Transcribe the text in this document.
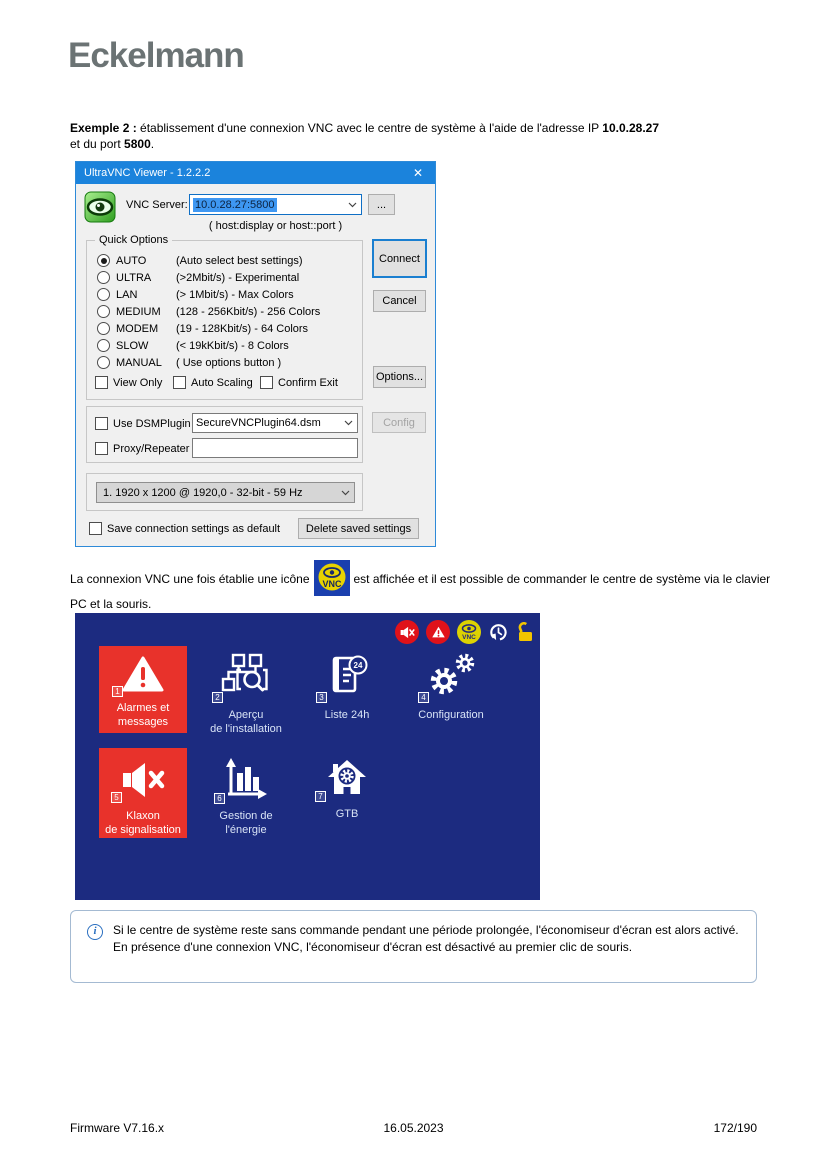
Eckelmann

Exemple 2 : établissement d'une connexion VNC avec le centre de système à l'aide de l'adresse IP 10.0.28.27
et du port 5800.

UltraVNC Viewer - 1.2.2.2	✕
VNC Server: 10.0.28.27:5800	...
( host:display or host::port )
Quick Options
AUTO	(Auto select best settings)
ULTRA	(>2Mbit/s) - Experimental
LAN	(> 1Mbit/s) - Max Colors
MEDIUM	(128 - 256Kbit/s) - 256 Colors
MODEM	(19 - 128Kbit/s) - 64 Colors
SLOW	(< 19kKbit/s) - 8 Colors
MANUAL	( Use options button )
View Only	Auto Scaling Confirm Exit
Connect
Cancel
Options...
Use DSMPlugin SecureVNCPlugin64.dsm
Proxy/Repeater
Config
1. 1920 x 1200 @ 1920,0 - 32-bit - 59 Hz
Save connection settings as default	Delete saved settings

La connexion VNC une fois établie une icône VNC est affichée et il est possible de commander le centre de système via le clavier PC et la souris.

VNC
1
Alarmes et
messages
2
Aperçu
de l'installation
24
3
Liste 24h
4
Configuration
5
Klaxon
de signalisation
6
Gestion de
l'énergie
7
GTB
i	Si le centre de système reste sans commande pendant une période prolongée, l'économiseur d'écran est alors activé. En présence d'une connexion VNC, l'économiseur d'écran est désactivé au premier clic de souris.
Firmware V7.16.x	16.05.2023	172/190
